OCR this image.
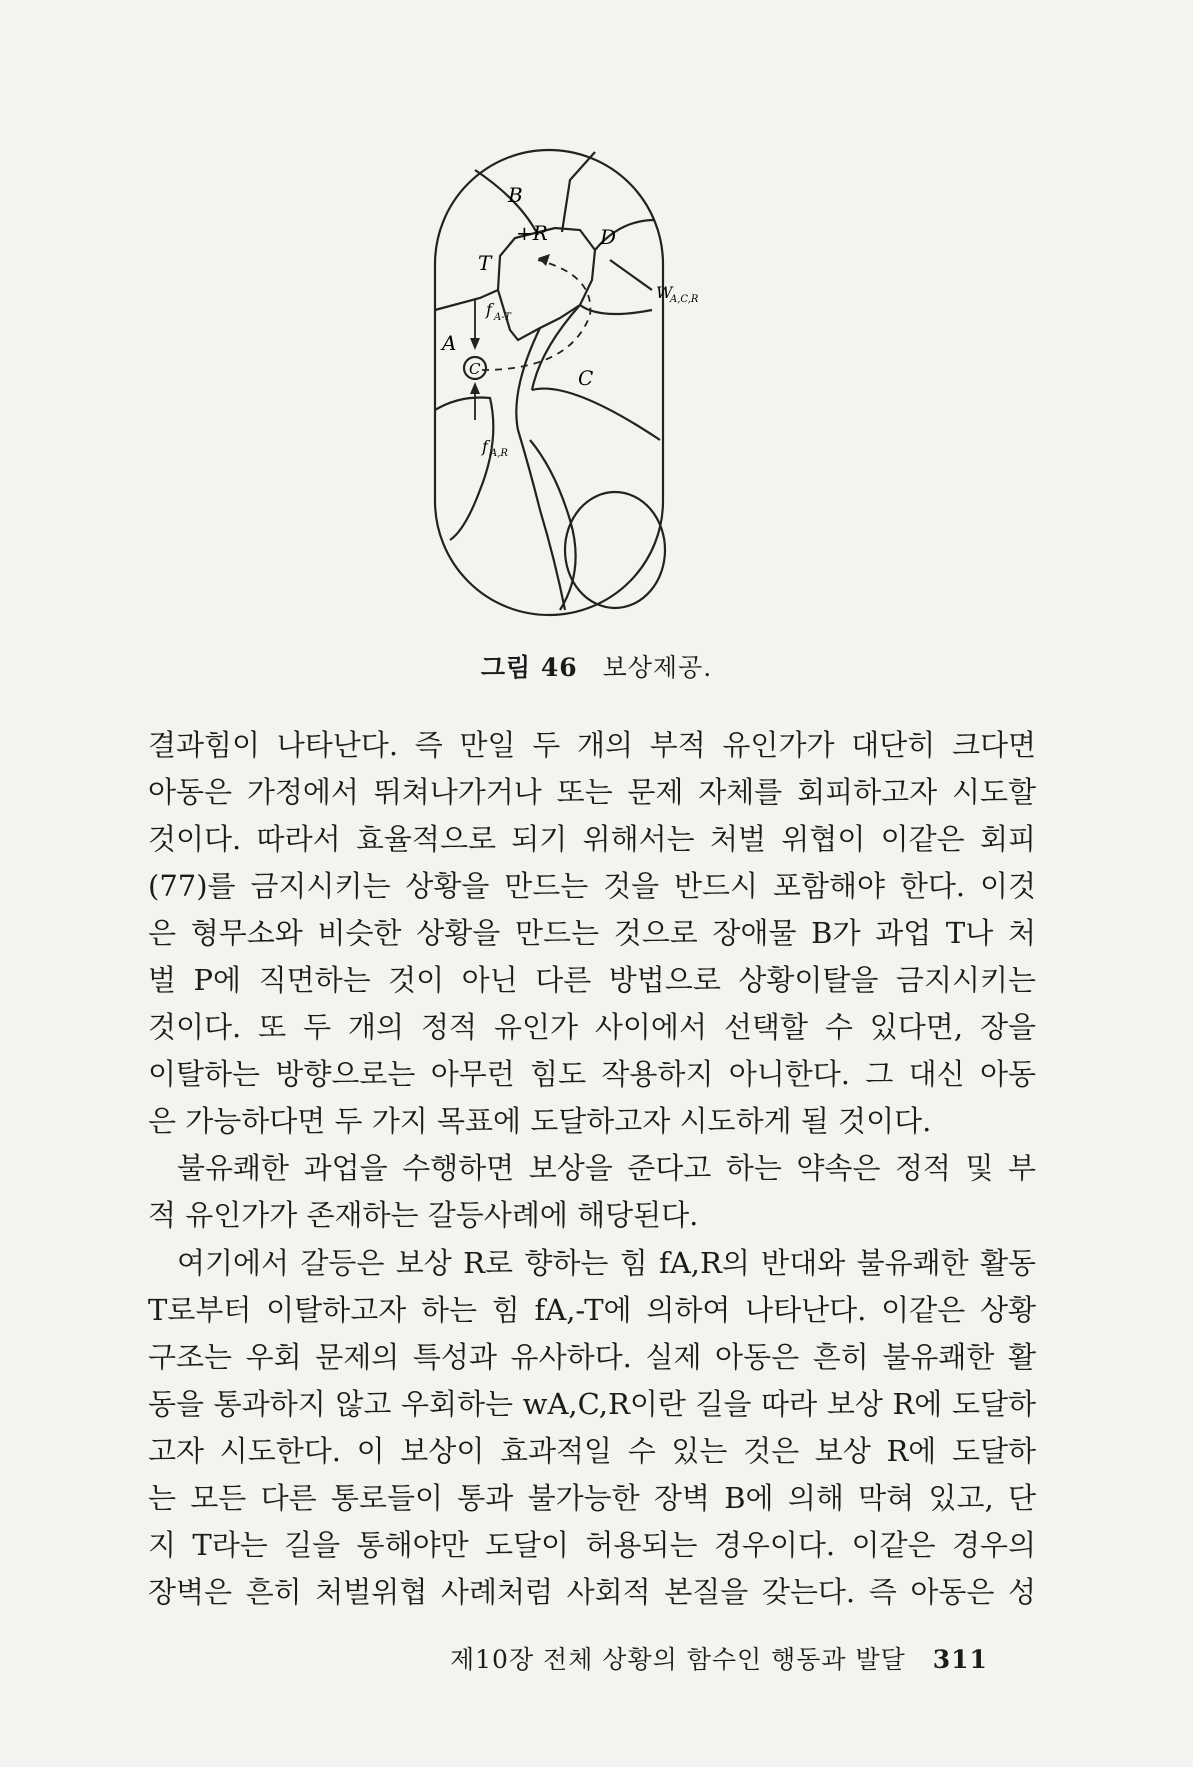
B
+R	D
T
W
A,C,R
f A-T
A
C	C
f A,R
그림 46 보상제공.

결과힘이 나타난다. 즉 만일 두 개의 부적 유인가가 대단히 크다면

아동은 가정에서 뛰쳐나가거나 또는 문제 자체를 회피하고자 시도할

것이다. 따라서 효율적으로 되기 위해서는 처벌 위협이 이같은 회피

(77)를 금지시키는 상황을 만드는 것을 반드시 포함해야 한다. 이것

은 형무소와 비슷한 상황을 만드는 것으로 장애물 B가 과업 T나 처

벌 P에 직면하는 것이 아닌 다른 방법으로 상황이탈을 금지시키는

것이다. 또 두 개의 정적 유인가 사이에서 선택할 수 있다면, 장을

이탈하는 방향으로는 아무런 힘도 작용하지 아니한다. 그 대신 아동

은 가능하다면 두 가지 목표에 도달하고자 시도하게 될 것이다.

불유쾌한 과업을 수행하면 보상을 준다고 하는 약속은 정적 및 부

적 유인가가 존재하는 갈등사례에 해당된다.

여기에서 갈등은 보상 R로 향하는 힘 fA,R의 반대와 불유쾌한 활동

T로부터 이탈하고자 하는 힘 fA,-T에 의하여 나타난다. 이같은 상황

구조는 우회 문제의 특성과 유사하다. 실제 아동은 흔히 불유쾌한 활

동을 통과하지 않고 우회하는 wA,C,R이란 길을 따라 보상 R에 도달하

고자 시도한다. 이 보상이 효과적일 수 있는 것은 보상 R에 도달하

는 모든 다른 통로들이 통과 불가능한 장벽 B에 의해 막혀 있고, 단

지 T라는 길을 통해야만 도달이 허용되는 경우이다. 이같은 경우의

장벽은 흔히 처벌위협 사례처럼 사회적 본질을 갖는다. 즉 아동은 성

제10장 전체 상황의 함수인 행동과 발달 311
